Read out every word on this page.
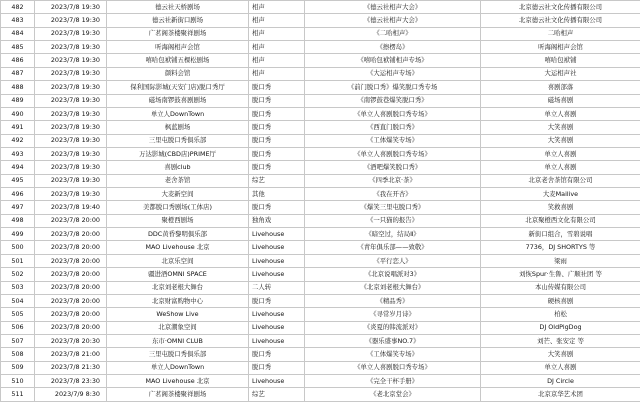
482	2023/7/8 19:30	德云社天桥剧场	相声	《德云社相声大会》	北京德云社文化传播有限公司
483	2023/7/8 19:30	德云社新街口剧场	相声	《德云社相声大会》	北京德云社文化传播有限公司
484	2023/7/8 19:30	广茗阁茶楼聚祥剧场	相声	《二哈相声》	二哈相声
485	2023/7/8 19:30	听海阁相声会馆	相声	《擦楞岛》	听海阁相声会馆
486	2023/7/8 19:30	嘻哈包袱铺五棵松剧场	相声	《嘻哈包袱铺相声专场》	嘻哈包袱铺
487	2023/7/8 19:30	颜料会馆	相声	《大运相声专场》	大运相声社
488	2023/7/8 19:30	保利国际影城(天安门店)脱口秀厅	脱口秀	《前门脱口秀》爆笑脱口秀专场	喜剧部落
489	2023/7/8 19:30	磁场南锣鼓喜剧剧场	脱口秀	《南锣鼓巷爆笑脱口秀》	磁场喜剧
490	2023/7/8 19:30	单立人DownTown	脱口秀	《单立人喜剧脱口秀专场》	单立人喜剧
491	2023/7/8 19:30	枫蓝剧场	脱口秀	《西直门脱口秀》	大笑喜剧
492	2023/7/8 19:30	三里屯脱口秀俱乐部	脱口秀	《工体爆笑专场》	大笑喜剧
493	2023/7/8 19:30	万达影城(CBD店)PRIME厅	脱口秀	《单立人喜剧脱口秀专场》	单立人喜剧
494	2023/7/8 19:30	喜剧club	脱口秀	《酒吧爆笑脱口秀》	单立人喜剧
495	2023/7/8 19:30	老舍茶馆	综艺	《四季北京·茶》	北京老舍茶馆有限公司
496	2023/7/8 19:30	大麦新空间	其他	《我在开杏》	大麦Mailive
497	2023/7/8 19:40	美都脱口秀剧场(工体店)	脱口秀	《爆笑三里屯脱口秀》	笑救喜剧
498	2023/7/8 20:00	聚橙西剧场	独角戏	《一只猫的报告》	北京聚橙西文化有限公司
499	2023/7/8 20:00	DDC黄昏黎明俱乐部	Livehouse	《暗空过，结局Ⅱ》	新街口组合，雪碧说唱
500	2023/7/8 20:00	MAO Livehouse 北京	Livehouse	《青年俱乐部——致敬》	7736，DJ SHORTYS 等
501	2023/7/8 20:00	北京乐空间	Livehouse	《平行恋人》	梁雨
502	2023/7/8 20:00	疆进酒OMNI SPACE	Livehouse	《北京说唱派对3》	刘恢Spur·生鲁、广顺社团 等
503	2023/7/8 20:00	北京刘老根大舞台	二人转	《北京刘老根大舞台》	本山传媒有限公司
504	2023/7/8 20:00	北京财富购物中心	脱口秀	《精品秀》	硬核喜剧
505	2023/7/8 20:00	WeShow Live	Livehouse	《寻常岁月诗》	柏松
506	2023/7/8 20:00	北京潮象空间	Livehouse	《炎夏的韩流派对》	DJ OldPigDog
507	2023/7/8 20:30	东市·OMNI CLUB	Livehouse	《器乐盛事NO.7》	刘芒、张安定 等
508	2023/7/8 21:00	三里屯脱口秀俱乐部	脱口秀	《工体爆笑专场》	大笑喜剧
509	2023/7/8 21:30	单立人DownTown	脱口秀	《单立人喜剧脱口秀专场》	单立人喜剧
510	2023/7/8 23:30	MAO Livehouse 北京	Livehouse	《完全干杯手册》	DJ Circle
511	2023/7/9 8:30	广茗阁茶楼聚祥剧场	综艺	《老北京堂会》	北京京华艺术团
